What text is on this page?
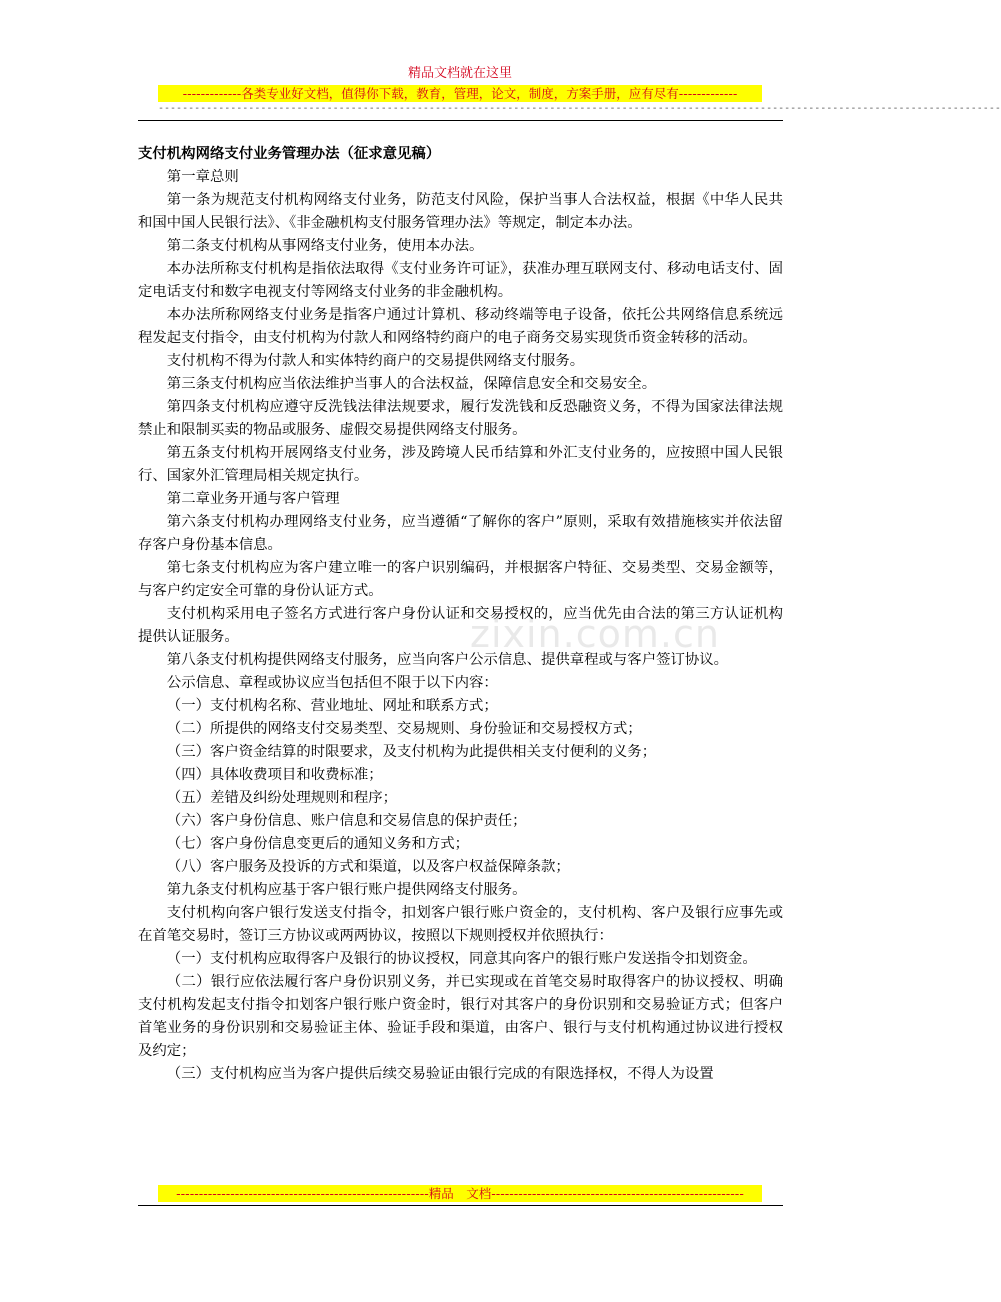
精品文档就在这里
-------------各类专业好文档，值得你下载，教育，管理，论文，制度，方案手册，应有尽有-------------
--------------------------------------------------------------------------------------------------------------------------------------------
zixin.com.cn

支付机构网络支付业务管理办法（征求意见稿）

第一章总则

第一条为规范支付机构网络支付业务，防范支付风险，保护当事人合法权益，根据《中华人民共和国中国人民银行法》、《非金融机构支付服务管理办法》等规定，制定本办法。

第二条支付机构从事网络支付业务，使用本办法。

本办法所称支付机构是指依法取得《支付业务许可证》，获准办理互联网支付、移动电话支付、固定电话支付和数字电视支付等网络支付业务的非金融机构。

本办法所称网络支付业务是指客户通过计算机、移动终端等电子设备，依托公共网络信息系统远程发起支付指令，由支付机构为付款人和网络特约商户的电子商务交易实现货币资金转移的活动。

支付机构不得为付款人和实体特约商户的交易提供网络支付服务。

第三条支付机构应当依法维护当事人的合法权益，保障信息安全和交易安全。

第四条支付机构应遵守反洗钱法律法规要求，履行发洗钱和反恐融资义务，不得为国家法律法规禁止和限制买卖的物品或服务、虚假交易提供网络支付服务。

第五条支付机构开展网络支付业务，涉及跨境人民币结算和外汇支付业务的，应按照中国人民银行、国家外汇管理局相关规定执行。

第二章业务开通与客户管理

第六条支付机构办理网络支付业务，应当遵循“了解你的客户”原则，采取有效措施核实并依法留存客户身份基本信息。

第七条支付机构应为客户建立唯一的客户识别编码，并根据客户特征、交易类型、交易金额等，与客户约定安全可靠的身份认证方式。

支付机构采用电子签名方式进行客户身份认证和交易授权的，应当优先由合法的第三方认证机构提供认证服务。

第八条支付机构提供网络支付服务，应当向客户公示信息、提供章程或与客户签订协议。

公示信息、章程或协议应当包括但不限于以下内容：

（一）支付机构名称、营业地址、网址和联系方式；

（二）所提供的网络支付交易类型、交易规则、身份验证和交易授权方式；

（三）客户资金结算的时限要求，及支付机构为此提供相关支付便利的义务；

（四）具体收费项目和收费标准；

（五）差错及纠纷处理规则和程序；

（六）客户身份信息、账户信息和交易信息的保护责任；

（七）客户身份信息变更后的通知义务和方式；

（八）客户服务及投诉的方式和渠道，以及客户权益保障条款；

第九条支付机构应基于客户银行账户提供网络支付服务。

支付机构向客户银行发送支付指令，扣划客户银行账户资金的，支付机构、客户及银行应事先或在首笔交易时，签订三方协议或两两协议，按照以下规则授权并依照执行：

（一）支付机构应取得客户及银行的协议授权，同意其向客户的银行账户发送指令扣划资金。

（二）银行应依法履行客户身份识别义务，并已实现或在首笔交易时取得客户的协议授权、明确支付机构发起支付指令扣划客户银行账户资金时，银行对其客户的身份识别和交易验证方式；但客户首笔业务的身份识别和交易验证主体、验证手段和渠道，由客户、银行与支付机构通过协议进行授权及约定；

（三）支付机构应当为客户提供后续交易验证由银行完成的有限选择权，不得人为设置

--------------------------------------------------------精品　文档--------------------------------------------------------
